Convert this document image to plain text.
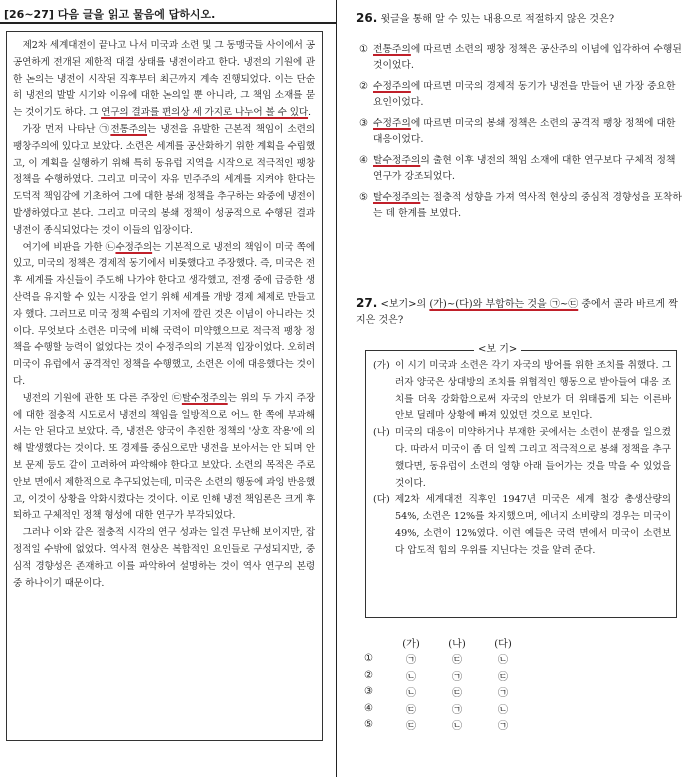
[26~27] 다음 글을 읽고 물음에 답하시오.

제2차 세계대전이 끝나고 나서 미국과 소련 및 그 동맹국들 사이에서 공공연하게 전개된 제한적 대결 상태를 냉전이라고 한다. 냉전의 기원에 관한 논의는 냉전이 시작된 직후부터 최근까지 계속 진행되었다. 이는 단순히 냉전의 발발 시기와 이유에 대한 논의일 뿐 아니라, 그 책임 소재를 묻는 것이기도 하다. 그 연구의 결과를 편의상 세 가지로 나누어 볼 수 있다.

가장 먼저 나타난 ㉠전통주의는 냉전을 유발한 근본적 책임이 소련의 팽창주의에 있다고 보았다. 소련은 세계를 공산화하기 위한 계획을 수립했고, 이 계획을 실행하기 위해 특히 동유럽 지역을 시작으로 적극적인 팽창 정책을 수행하였다. 그리고 미국이 자유 민주주의 세계를 지켜야 한다는 도덕적 책임감에 기초하여 그에 대한 봉쇄 정책을 추구하는 와중에 냉전이 발생하였다고 본다. 그리고 미국의 봉쇄 정책이 성공적으로 수행된 결과 냉전이 종식되었다는 것이 이들의 입장이다.

여기에 비판을 가한 ㉡수정주의는 기본적으로 냉전의 책임이 미국 쪽에 있고, 미국의 정책은 경제적 동기에서 비롯했다고 주장했다. 즉, 미국은 전후 세계를 자신들이 주도해 나가야 한다고 생각했고, 전쟁 중에 급증한 생산력을 유지할 수 있는 시장을 얻기 위해 세계를 개방 경제 체제로 만들고자 했다. 그러므로 미국 정책 수립의 기저에 깔린 것은 이념이 아니라는 것이다. 무엇보다 소련은 미국에 비해 국력이 미약했으므로 적극적 팽창 정책을 수행할 능력이 없었다는 것이 수정주의의 기본적 입장이었다. 오히려 미국이 유럽에서 공격적인 정책을 수행했고, 소련은 이에 대응했다는 것이다.

냉전의 기원에 관한 또 다른 주장인 ㉢탈수정주의는 위의 두 가지 주장에 대한 절충적 시도로서 냉전의 책임을 일방적으로 어느 한 쪽에 부과해서는 안 된다고 보았다. 즉, 냉전은 양국이 추진한 정책의 '상호 작용'에 의해 발생했다는 것이다. 또 경제를 중심으로만 냉전을 보아서는 안 되며 안보 문제 등도 같이 고려하여 파악해야 한다고 보았다. 소련의 목적은 주로 안보 면에서 제한적으로 추구되었는데, 미국은 소련의 행동에 과잉 반응했고, 이것이 상황을 악화시켰다는 것이다. 이로 인해 냉전 책임론은 크게 후퇴하고 구체적인 정책 형성에 대한 연구가 부각되었다.

그러나 이와 같은 절충적 시각의 연구 성과는 일견 무난해 보이지만, 잡정적일 수밖에 없었다. 역사적 현상은 복합적인 요인들로 구성되지만, 중심적 경향성은 존재하고 이를 파악하여 설명하는 것이 역사 연구의 본령 중 하나이기 때문이다.

26. 윗글을 통해 알 수 있는 내용으로 적절하지 않은 것은?
① 전통주의에 따르면 소련의 팽창 정책은 공산주의 이념에 입각하여 수행된 것이었다.
② 수정주의에 따르면 미국의 경제적 동기가 냉전을 만들어 낸 가장 중요한 요인이었다.
③ 수정주의에 따르면 미국의 봉쇄 정책은 소련의 공격적 팽창 정책에 대한 대응이었다.
④ 탈수정주의의 출현 이후 냉전의 책임 소재에 대한 연구보다 구체적 정책 연구가 강조되었다.
⑤ 탈수정주의는 절충적 성향을 가져 역사적 현상의 중심적 경향성을 포착하는 데 한계를 보였다.
27. <보기>의 (가)~(다)와 부합하는 것을 ㉠~㉢ 중에서 골라 바르게 짝지은 것은?
<보 기>
(가) 이 시기 미국과 소련은 각기 자국의 방어를 위한 조치를 취했다. 그러자 양국은 상대방의 조치를 위협적인 행동으로 받아들여 대응 조치를 더욱 강화함으로써 자국의 안보가 더 위태롭게 되는 이른바 안보 딜레마 상황에 빠져 있었던 것으로 보인다.
(나) 미국의 대응이 미약하거나 부재한 곳에서는 소련이 분쟁을 일으켰다. 따라서 미국이 좀 더 일찍 그리고 적극적으로 봉쇄 정책을 추구했다면, 동유럽이 소련의 영향 아래 들어가는 것을 막을 수 있었을 것이다.
(다) 제2차 세계대전 직후인 1947년 미국은 세계 철강 총생산량의 54%, 소련은 12%를 차지했으며, 에너지 소비량의 경우는 미국이 49%, 소련이 12%였다. 이런 예들은 국력 면에서 미국이 소련보다 압도적 힘의 우위를 지닌다는 것을 알려 준다.
	(가)	(나)	(다)
①	㉠	㉢	㉡
②	㉡	㉠	㉢
③	㉡	㉢	㉠
④	㉢	㉠	㉡
⑤	㉢	㉡	㉠
